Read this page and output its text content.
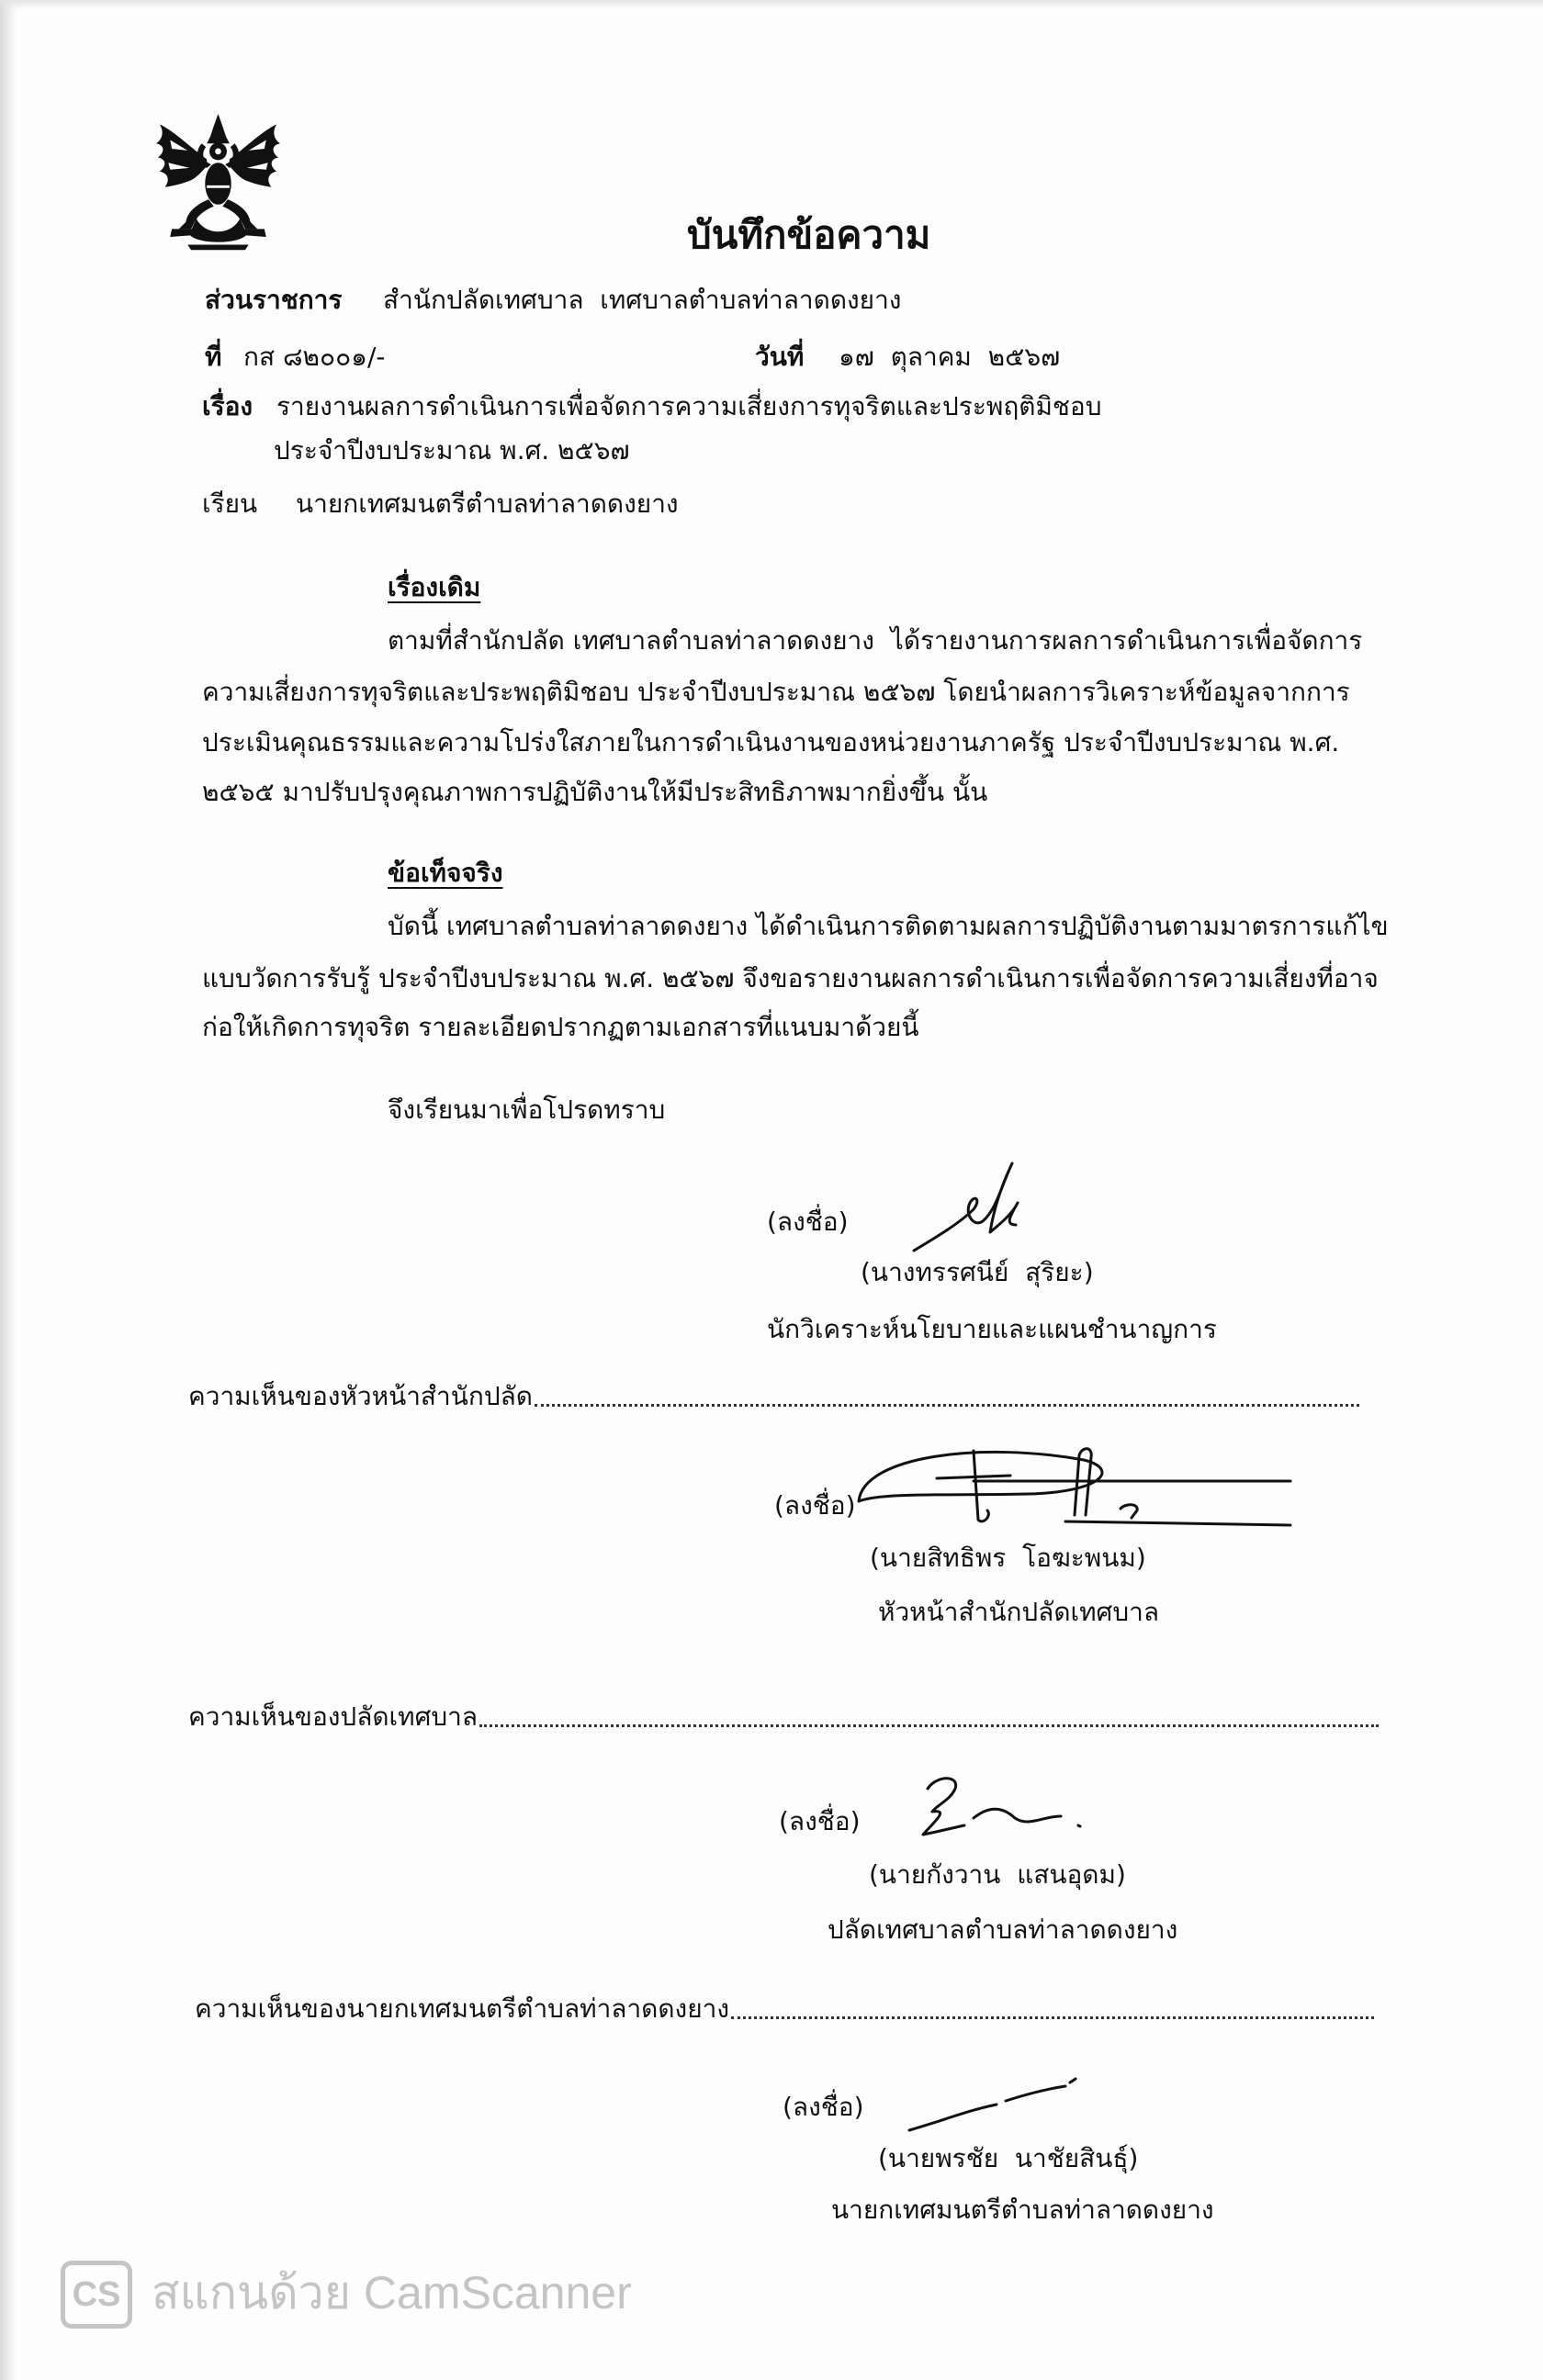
บันทึกข้อความ
ส่วนราชการ สำนักปลัดเทศบาล  เทศบาลตำบลท่าลาดดงยาง
ที่ กส ๘๒๐๐๑/-	วันที่ ๑๗  ตุลาคม  ๒๕๖๗
เรื่อง รายงานผลการดำเนินการเพื่อจัดการความเสี่ยงการทุจริตและประพฤติมิชอบ
ประจำปีงบประมาณ พ.ศ. ๒๕๖๗
เรียน นายกเทศมนตรีตำบลท่าลาดดงยาง
เรื่องเดิม
ตามที่สำนักปลัด เทศบาลตำบลท่าลาดดงยาง  ได้รายงานการผลการดำเนินการเพื่อจัดการ
ความเสี่ยงการทุจริตและประพฤติมิชอบ ประจำปีงบประมาณ ๒๕๖๗ โดยนำผลการวิเคราะห์ข้อมูลจากการ
ประเมินคุณธรรมและความโปร่งใสภายในการดำเนินงานของหน่วยงานภาครัฐ ประจำปีงบประมาณ พ.ศ.
๒๕๖๕ มาปรับปรุงคุณภาพการปฏิบัติงานให้มีประสิทธิภาพมากยิ่งขึ้น นั้น
ข้อเท็จจริง
บัดนี้ เทศบาลตำบลท่าลาดดงยาง ได้ดำเนินการติดตามผลการปฏิบัติงานตามมาตรการแก้ไข
แบบวัดการรับรู้ ประจำปีงบประมาณ พ.ศ. ๒๕๖๗ จึงขอรายงานผลการดำเนินการเพื่อจัดการความเสี่ยงที่อาจ
ก่อให้เกิดการทุจริต รายละเอียดปรากฏตามเอกสารที่แนบมาด้วยนี้
จึงเรียนมาเพื่อโปรดทราบ
(ลงชื่อ)
(นางทรรศนีย์  สุริยะ)
นักวิเคราะห์นโยบายและแผนชำนาญการ
ความเห็นของหัวหน้าสำนักปลัด
(ลงชื่อ)
(นายสิทธิพร  โอฆะพนม)
หัวหน้าสำนักปลัดเทศบาล
ความเห็นของปลัดเทศบาล
(ลงชื่อ)
(นายกังวาน  แสนอุดม)
ปลัดเทศบาลตำบลท่าลาดดงยาง
ความเห็นของนายกเทศมนตรีตำบลท่าลาดดงยาง
(ลงชื่อ)
(นายพรชัย  นาชัยสินธุ์)
นายกเทศมนตรีตำบลท่าลาดดงยาง
CS สแกนด้วย CamScanner
